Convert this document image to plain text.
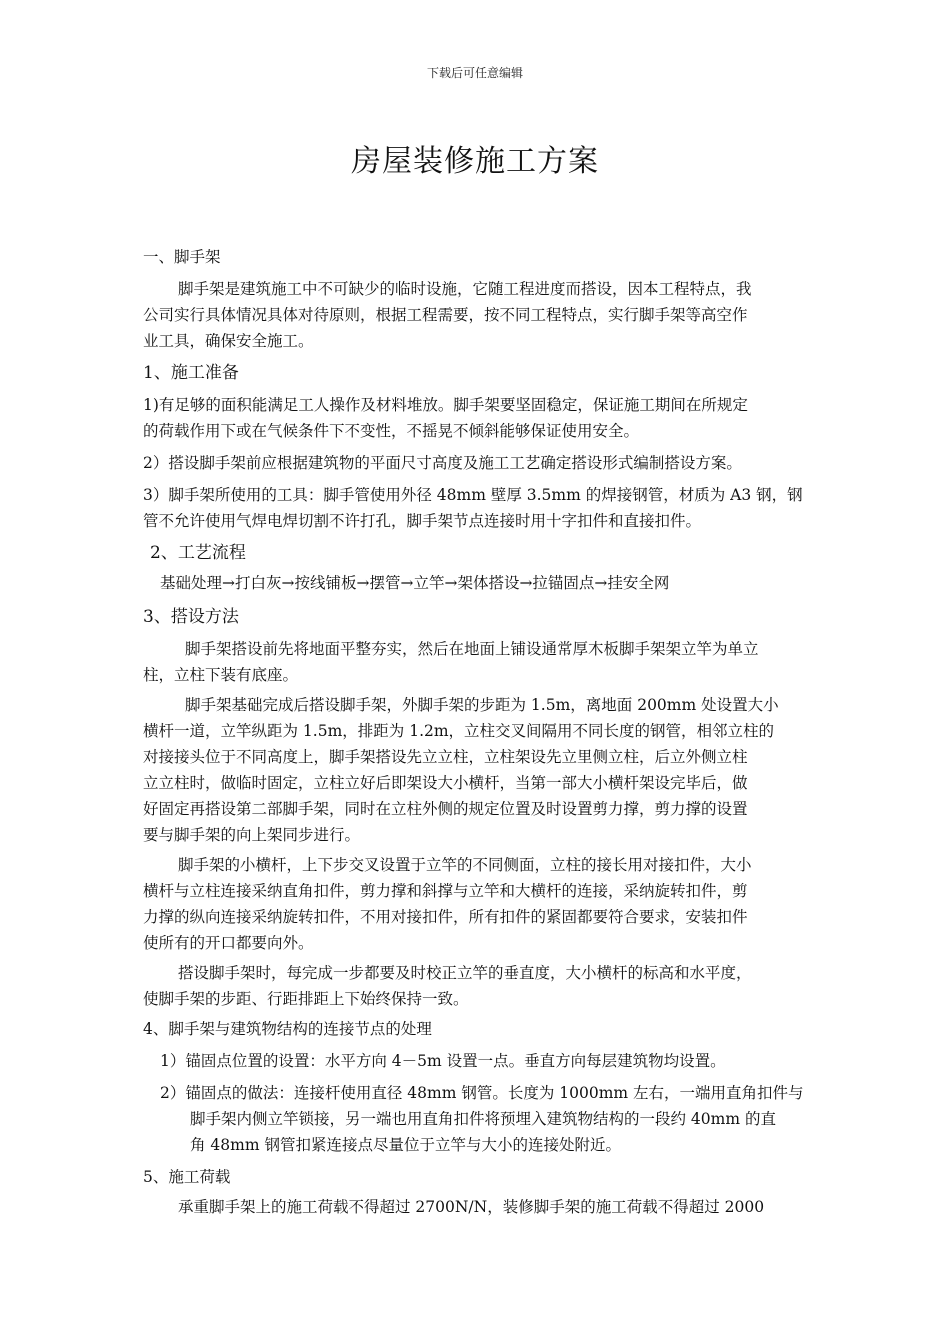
下载后可任意编辑
房屋装修施工方案
一、脚手架
脚手架是建筑施工中不可缺少的临时设施，它随工程进度而搭设，因本工程特点，我
公司实行具体情况具体对待原则，根据工程需要，按不同工程特点，实行脚手架等高空作
业工具，确保安全施工。
1、施工准备
1)有足够的面积能满足工人操作及材料堆放。脚手架要坚固稳定，保证施工期间在所规定
的荷载作用下或在气候条件下不变性，不摇晃不倾斜能够保证使用安全。
2）搭设脚手架前应根据建筑物的平面尺寸高度及施工工艺确定搭设形式编制搭设方案。
3）脚手架所使用的工具：脚手管使用外径 48mm 壁厚 3.5mm 的焊接钢管，材质为 A3 钢，钢
管不允许使用气焊电焊切割不许打孔，脚手架节点连接时用十字扣件和直接扣件。
2、工艺流程
基础处理→打白灰→按线铺板→摆管→立竿→架体搭设→拉锚固点→挂安全网
3、搭设方法
脚手架搭设前先将地面平整夯实，然后在地面上铺设通常厚木板脚手架架立竿为单立
柱，立柱下装有底座。
脚手架基础完成后搭设脚手架，外脚手架的步距为 1.5m，离地面 200mm 处设置大小
横杆一道，立竿纵距为 1.5m，排距为 1.2m，立柱交叉间隔用不同长度的钢管，相邻立柱的
对接接头位于不同高度上，脚手架搭设先立立柱，立柱架设先立里侧立柱，后立外侧立柱
立立柱时，做临时固定，立柱立好后即架设大小横杆，当第一部大小横杆架设完毕后，做
好固定再搭设第二部脚手架，同时在立柱外侧的规定位置及时设置剪力撑，剪力撑的设置
要与脚手架的向上架同步进行。
脚手架的小横杆，上下步交叉设置于立竿的不同侧面，立柱的接长用对接扣件，大小
横杆与立柱连接采纳直角扣件，剪力撑和斜撑与立竿和大横杆的连接，采纳旋转扣件，剪
力撑的纵向连接采纳旋转扣件，不用对接扣件，所有扣件的紧固都要符合要求，安装扣件
使所有的开口都要向外。
搭设脚手架时，每完成一步都要及时校正立竿的垂直度，大小横杆的标高和水平度，
使脚手架的步距、行距排距上下始终保持一致。
4、脚手架与建筑物结构的连接节点的处理
1）锚固点位置的设置：水平方向 4－5m 设置一点。垂直方向每层建筑物均设置。
2）锚固点的做法：连接杆使用直径 48mm 钢管。长度为 1000mm 左右，一端用直角扣件与
脚手架内侧立竿锁接，另一端也用直角扣件将预埋入建筑物结构的一段约 40mm 的直
角 48mm 钢管扣紧连接点尽量位于立竿与大小的连接处附近。
5、施工荷载
承重脚手架上的施工荷载不得超过 2700N/N，装修脚手架的施工荷载不得超过 2000
